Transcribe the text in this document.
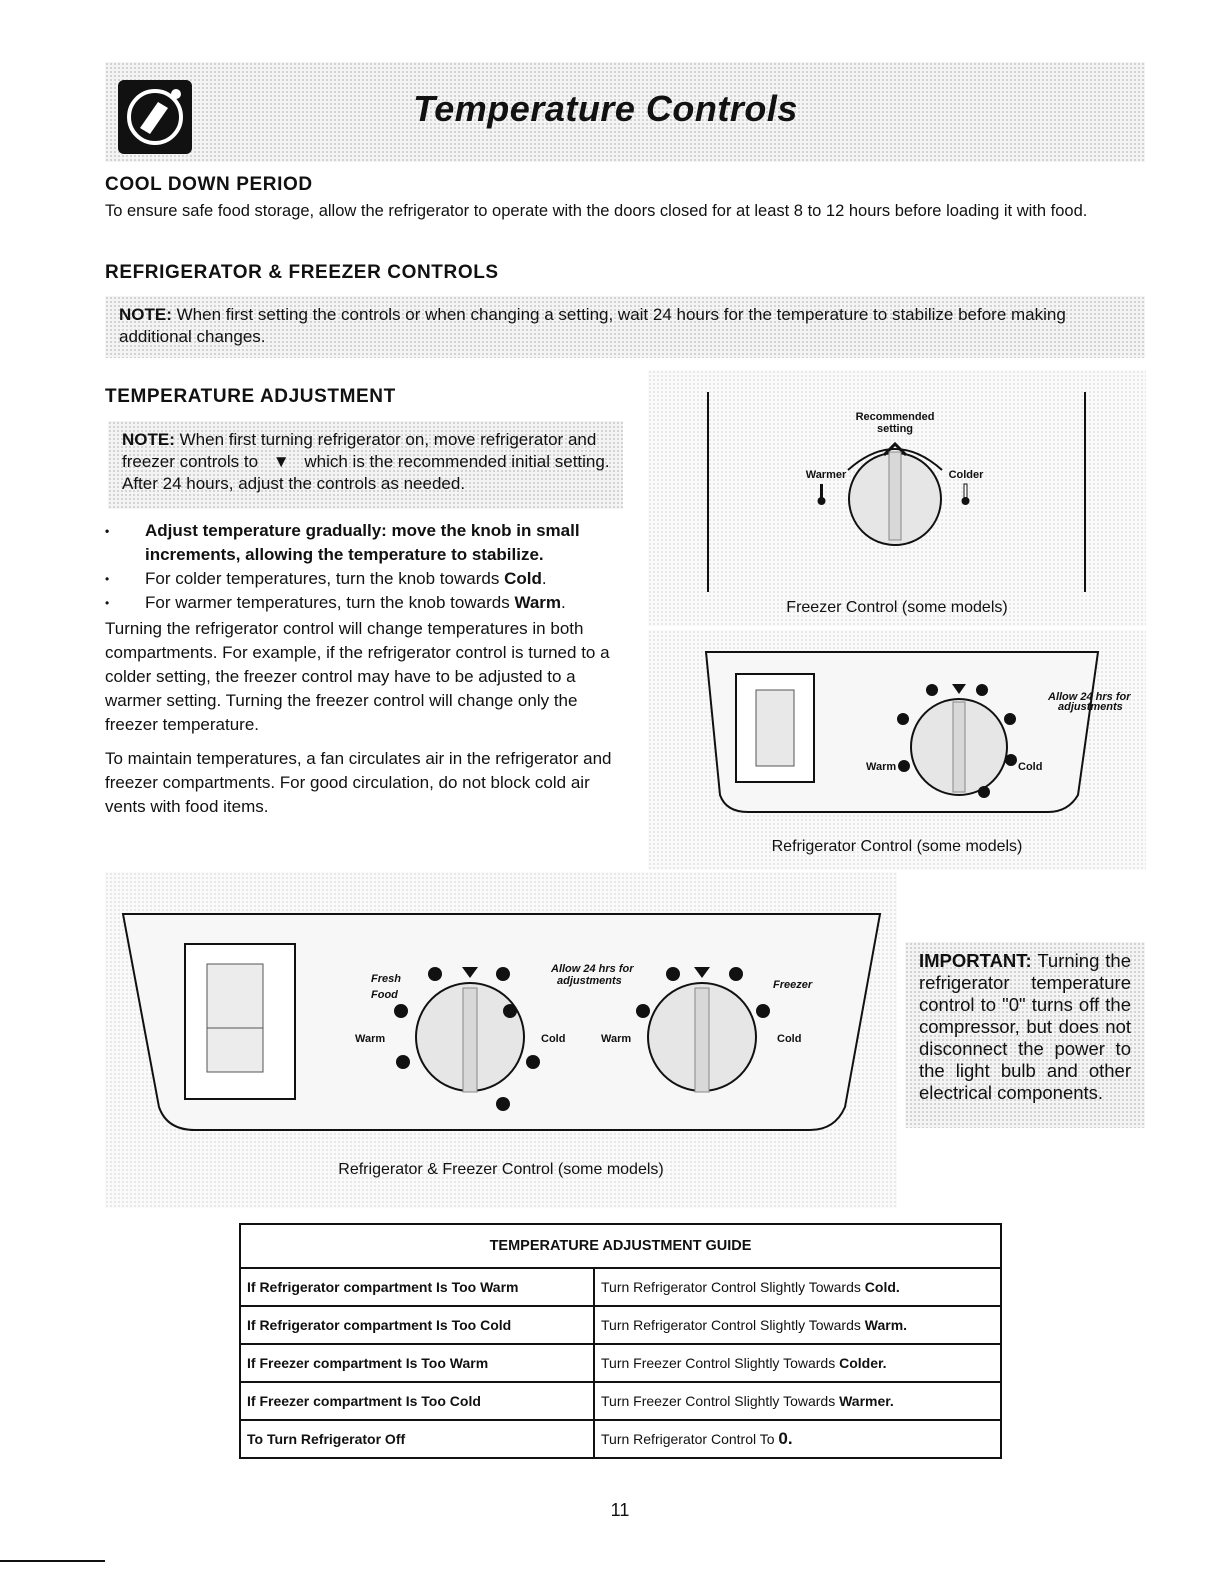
Temperature Controls
COOL DOWN PERIOD

To ensure safe food storage, allow the refrigerator to operate with the doors closed for at least 8 to 12 hours before loading it with food.

REFRIGERATOR & FREEZER CONTROLS
NOTE: When first setting the controls or when changing a setting, wait 24 hours for the temperature to stabilize before making additional changes.
TEMPERATURE ADJUSTMENT
NOTE: When first turning refrigerator on, move refrigerator and freezer controls to ▼ which is the recommended initial setting. After 24 hours, adjust the controls as needed.

• Adjust temperature gradually: move the knob in small increments, allowing the temperature to stabilize.

• For colder temperatures, turn the knob towards Cold.

• For warmer temperatures, turn the knob towards Warm.

Turning the refrigerator control will change temperatures in both compartments. For example, if the refrigerator control is turned to a colder setting, the freezer control may have to be adjusted to a warmer setting. Turning the freezer control will change only the freezer temperature.

To maintain temperatures, a fan circulates air in the refrigerator and freezer compartments. For good circulation, do not block cold air vents with food items.

Recommended
setting
Warmer	Colder
Freezer Control (some models)
Allow 24 hrs for
adjustments
Warm	Cold
Refrigerator Control (some models)
Fresh
Food
Warm	Cold
Allow 24 hrs for
adjustments	Freezer
Warm	Cold
Refrigerator & Freezer Control (some models)
IMPORTANT: Turning the refrigerator temperature control to "0" turns off the compressor, but does not disconnect the power to the light bulb and other electrical components.
TEMPERATURE ADJUSTMENT GUIDE	
If Refrigerator compartment Is Too Warm	Turn Refrigerator Control Slightly Towards Cold.
If Refrigerator compartment Is Too Cold	Turn Refrigerator Control Slightly Towards Warm.
If Freezer compartment Is Too Warm	Turn Freezer Control Slightly Towards Colder.
If Freezer compartment Is Too Cold	Turn Freezer Control Slightly Towards Warmer.
To Turn Refrigerator Off	Turn Refrigerator Control To 0.
11
